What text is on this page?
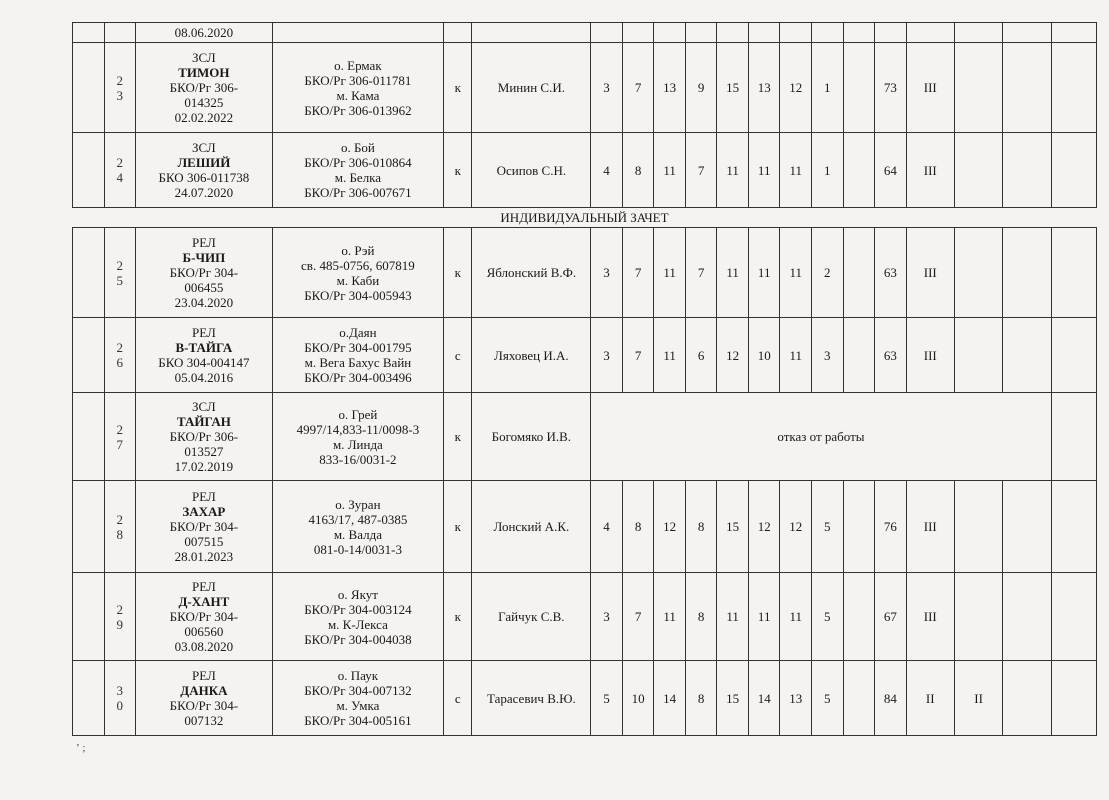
		08.06.2020																	

	2
3	ЗСЛ
ТИМОН
БКО/Рг 306-
014325
02.02.2022	о. Ермак
БКО/Рг 306-011781
м. Кама
БКО/Рг 306-013962	к	Минин С.И.	3	7	13	9	15	13	12	1		73	III			

	2
4	ЗСЛ
ЛЕШИЙ
БКО 306-011738
24.07.2020	о. Бой
БКО/Рг 306-010864
м. Белка
БКО/Рг 306-007671	к	Осипов С.Н.	4	8	11	7	11	11	11	1		64	III			
ИНДИВИДУАЛЬНЫЙ ЗАЧЕТ																			

	2
5	РЕЛ
Б-ЧИП
БКО/Рг 304-
006455
23.04.2020	о. Рэй
св. 485-0756, 607819
м. Каби
БКО/Рг 304-005943	к	Яблонский В.Ф.	3	7	11	7	11	11	11	2		63	III			

	2
6	РЕЛ
В-ТАЙГА
БКО 304-004147
05.04.2016	о.Даян
БКО/Рг 304-001795
м. Вега Бахус Вайн
БКО/Рг 304-003496	с	Ляховец И.А.	3	7	11	6	12	10	11	3		63	III			

	2
7	ЗСЛ
ТАЙГАН
БКО/Рг 306-
013527
17.02.2019	о. Грей
4997/14,833-11/0098-3
м. Линда
833-16/0031-2	к	Богомяко И.В.	отказ от работы													

	2
8	РЕЛ
ЗАХАР
БКО/Рг 304-
007515
28.01.2023	о. Зуран
4163/17, 487-0385
м. Валда
081-0-14/0031-3	к	Лонский А.К.	4	8	12	8	15	12	12	5		76	III			

	2
9	РЕЛ
Д-ХАНТ
БКО/Рг 304-
006560
03.08.2020	о. Якут
БКО/Рг 304-003124
м. К-Лекса
БКО/Рг 304-004038	к	Гайчук С.В.	3	7	11	8	11	11	11	5		67	III			

	3
0	РЕЛ
ДАНКА
БКО/Рг 304-
007132	о. Паук
БКО/Рг 304-007132
м. Умка
БКО/Рг 304-005161	с	Тарасевич В.Ю.	5	10	14	8	15	14	13	5		84	II	II		
ʼ ;
